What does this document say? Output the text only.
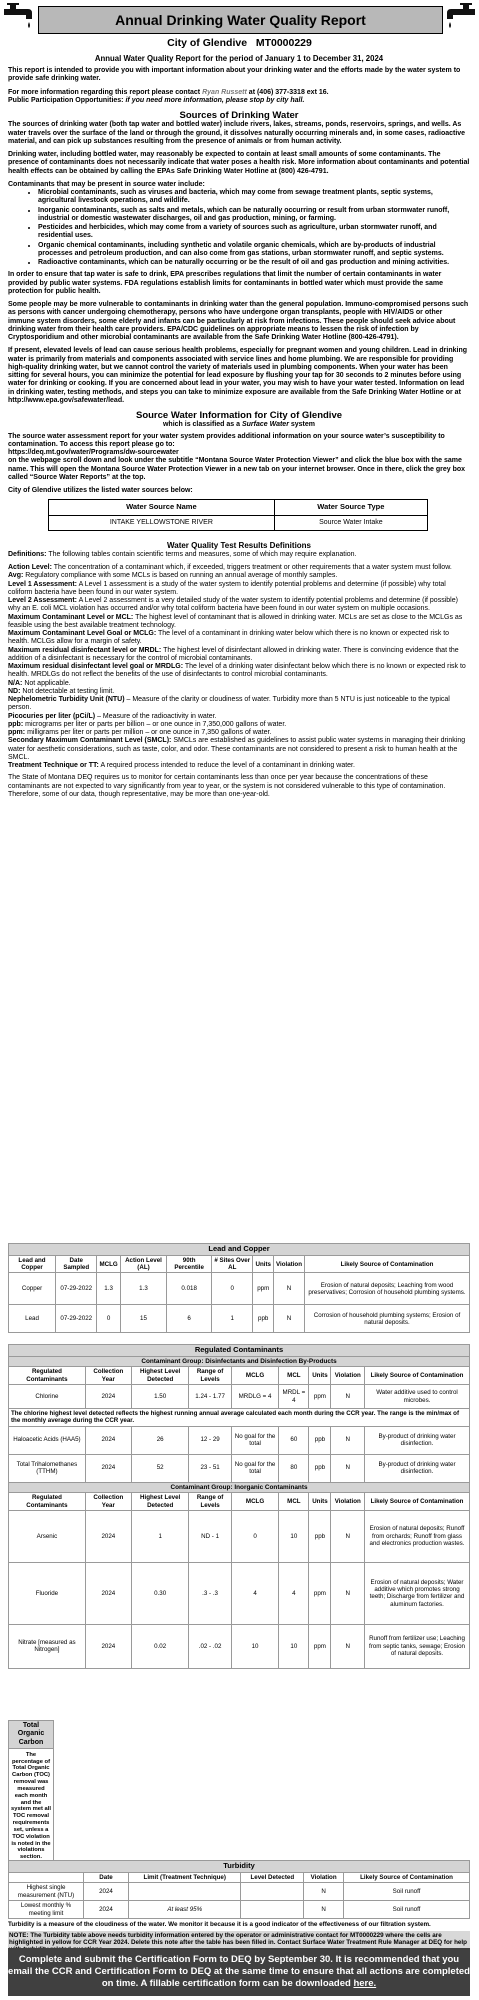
Annual Drinking Water Quality Report
City of Glendive MT0000229
Annual Water Quality Report for the period of January 1 to December 31, 2024

This report is intended to provide you with important information about your drinking water and the efforts made by the water system to provide safe drinking water.

For more information regarding this report please contact Ryan Russett at (406) 377-3318 ext 16.
Public Participation Opportunities: if you need more information, please stop by city hall.
Sources of Drinking Water

The sources of drinking water (both tap water and bottled water) include rivers, lakes, streams, ponds, reservoirs, springs, and wells. As water travels over the surface of the land or through the ground, it dissolves naturally occurring minerals and, in some cases, radioactive material, and can pick up substances resulting from the presence of animals or from human activity.

Drinking water, including bottled water, may reasonably be expected to contain at least small amounts of some contaminants. The presence of contaminants does not necessarily indicate that water poses a health risk. More information about contaminants and potential health effects can be obtained by calling the EPAs Safe Drinking Water Hotline at (800) 426-4791.

Contaminants that may be present in source water include:
• Microbial contaminants, such as viruses and bacteria, which may come from sewage treatment plants, septic systems, agricultural livestock operations, and wildlife.
• Inorganic contaminants, such as salts and metals, which can be naturally occurring or result from urban stormwater runoff, industrial or domestic wastewater discharges, oil and gas production, mining, or farming.
• Pesticides and herbicides, which may come from a variety of sources such as agriculture, urban stormwater runoff, and residential uses.
• Organic chemical contaminants, including synthetic and volatile organic chemicals, which are by-products of industrial processes and petroleum production, and can also come from gas stations, urban stormwater runoff, and septic systems.
• Radioactive contaminants, which can be naturally occurring or be the result of oil and gas production and mining activities.

In order to ensure that tap water is safe to drink, EPA prescribes regulations that limit the number of certain contaminants in water provided by public water systems. FDA regulations establish limits for contaminants in bottled water which must provide the same protection for public health.

Some people may be more vulnerable to contaminants in drinking water than the general population. Immuno-compromised persons such as persons with cancer undergoing chemotherapy, persons who have undergone organ transplants, people with HIV/AIDS or other immune system disorders, some elderly and infants can be particularly at risk from infections. These people should seek advice about drinking water from their health care providers. EPA/CDC guidelines on appropriate means to lessen the risk of infection by Cryptosporidium and other microbial contaminants are available from the Safe Drinking Water Hotline (800-426-4791).

If present, elevated levels of lead can cause serious health problems, especially for pregnant women and young children. Lead in drinking water is primarily from materials and components associated with service lines and home plumbing. We are responsible for providing high-quality drinking water, but we cannot control the variety of materials used in plumbing components. When your water has been sitting for several hours, you can minimize the potential for lead exposure by flushing your tap for 30 seconds to 2 minutes before using water for drinking or cooking. If you are concerned about lead in your water, you may wish to have your water tested. Information on lead in drinking water, testing methods, and steps you can take to minimize exposure are available from the Safe Drinking Water Hotline or at http://www.epa.gov/safewater/lead.

Source Water Information for City of Glendive
which is classified as a Surface Water system
The source water assessment report for your water system provides additional information on your source water’s susceptibility to contamination. To access this report please go to:
https://deq.mt.gov/water/Programs/dw-sourcewater

on the webpage scroll down and look under the subtitle “Montana Source Water Protection Viewer” and click the blue box with the same name. This will open the Montana Source Water Protection Viewer in a new tab on your internet browser. Once in there, click the grey box called “Source Water Reports” at the top.

City of Glendive utilizes the listed water sources below:
Water Source Name	Water Source Type
INTAKE YELLOWSTONE RIVER	Source Water Intake
Water Quality Test Results Definitions

Definitions: The following tables contain scientific terms and measures, some of which may require explanation.

Action Level: The concentration of a contaminant which, if exceeded, triggers treatment or other requirements that a water system must follow.
Avg: Regulatory compliance with some MCLs is based on running an annual average of monthly samples.
Level 1 Assessment: A Level 1 assessment is a study of the water system to identify potential problems and determine (if possible) why total coliform bacteria have been found in our water system.
Level 2 Assessment: A Level 2 assessment is a very detailed study of the water system to identify potential problems and determine (if possible) why an E. coli MCL violation has occurred and/or why total coliform bacteria have been found in our water system on multiple occasions.
Maximum Contaminant Level or MCL: The highest level of contaminant that is allowed in drinking water. MCLs are set as close to the MCLGs as feasible using the best available treatment technology.
Maximum Contaminant Level Goal or MCLG: The level of a contaminant in drinking water below which there is no known or expected risk to health. MCLGs allow for a margin of safety.
Maximum residual disinfectant level or MRDL: The highest level of disinfectant allowed in drinking water. There is convincing evidence that the addition of a disinfectant is necessary for the control of microbial contaminants.
Maximum residual disinfectant level goal or MRDLG: The level of a drinking water disinfectant below which there is no known or expected risk to health. MRDLGs do not reflect the benefits of the use of disinfectants to control microbial contaminants.
N/A: Not applicable.
ND: Not detectable at testing limit.
Nephelometric Turbidity Unit (NTU) – Measure of the clarity or cloudiness of water. Turbidity more than 5 NTU is just noticeable to the typical person.
Picocuries per liter (pCi/L) – Measure of the radioactivity in water.
ppb: micrograms per liter or parts per billion – or one ounce in 7,350,000 gallons of water.
ppm: milligrams per liter or parts per million – or one ounce in 7,350 gallons of water.
Secondary Maximum Contaminant Level (SMCL): SMCLs are established as guidelines to assist public water systems in managing their drinking water for aesthetic considerations, such as taste, color, and odor. These contaminants are not considered to present a risk to human health at the SMCL.
Treatment Technique or TT: A required process intended to reduce the level of a contaminant in drinking water.

The State of Montana DEQ requires us to monitor for certain contaminants less than once per year because the concentrations of these contaminants are not expected to vary significantly from year to year, or the system is not considered vulnerable to this type of contamination. Therefore, some of our data, though representative, may be more than one-year-old.

Lead and Copper								
Lead and Copper	Date Sampled	MCLG	Action Level (AL)	90th Percentile	# Sites Over AL	Units	Violation	Likely Source of Contamination
Copper	07-29-2022	1.3	1.3	0.018	0	ppm	N	Erosion of natural deposits; Leaching from wood preservatives; Corrosion of household plumbing systems.
Lead	07-29-2022	0	15	6	1	ppb	N	Corrosion of household plumbing systems; Erosion of natural deposits.
Regulated Contaminants								
Contaminant Group: Disinfectants and Disinfection By-Products								
Regulated Contaminants	Collection Year	Highest Level Detected	Range of Levels	MCLG	MCL	Units	Violation	Likely Source of Contamination
Chlorine	2024	1.50	1.24 - 1.77	MRDLG = 4	MRDL = 4	ppm	N	Water additive used to control microbes.
The chlorine highest level detected reflects the highest running annual average calculated each month during the CCR year. The range is the min/max of the monthly average during the CCR year.								
Haloacetic Acids (HAA5)	2024	26	12 - 29	No goal for the total	60	ppb	N	By-product of drinking water disinfection.
Total Trihalomethanes (TTHM)	2024	52	23 - 51	No goal for the total	80	ppb	N	By-product of drinking water disinfection.
Contaminant Group: Inorganic Contaminants								
Regulated Contaminants	Collection Year	Highest Level Detected	Range of Levels	MCLG	MCL	Units	Violation	Likely Source of Contamination
Arsenic	2024	1	ND - 1	0	10	ppb	N	Erosion of natural deposits; Runoff from orchards; Runoff from glass and electronics production wastes.
Fluoride	2024	0.30	.3 - .3	4	4	ppm	N	Erosion of natural deposits; Water additive which promotes strong teeth; Discharge from fertilizer and aluminum factories.
Nitrate [measured as Nitrogen]	2024	0.02	.02 - .02	10	10	ppm	N	Runoff from fertilizer use; Leaching from septic tanks, sewage; Erosion of natural deposits.
Total Organic Carbon
The percentage of Total Organic Carbon (TOC) removal was measured each month and the system met all TOC removal requirements set, unless a TOC violation is noted in the violations section.
Turbidity					
	Date	Limit (Treatment Technique)	Level Detected	Violation	Likely Source of Contamination
Highest single measurement (NTU)	2024			N	Soil runoff
Lowest monthly % meeting limit	2024	At least 95%		N	Soil runoff
Turbidity is a measure of the cloudiness of the water. We monitor it because it is a good indicator of the effectiveness of our filtration system.
NOTE: The Turbidity table above needs turbidity information entered by the operator or administrative contact for MT0000229 where the cells are highlighted in yellow for CCR Year 2024. Delete this note after the table has been filled in. Contact Surface Water Treatment Rule Manager at DEQ for help
Complete and submit the Certification Form to DEQ by September 30. It is recommended that you email the CCR and Certification Form to DEQ at the same time to ensure that all actions are completed on time. A fillable certification form can be downloaded here.
